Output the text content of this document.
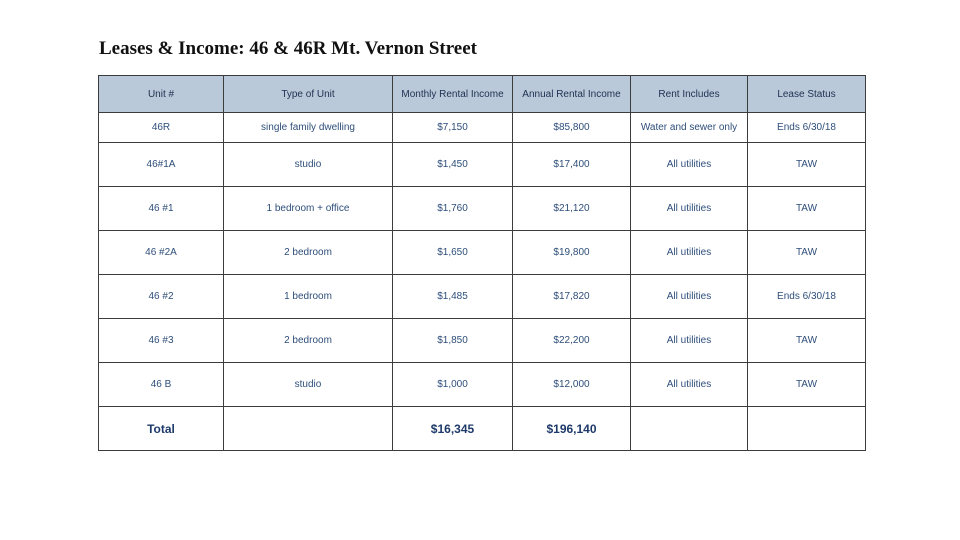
Leases & Income: 46 & 46R Mt. Vernon Street
Unit #	Type of Unit	Monthly Rental Income	Annual Rental Income	Rent Includes	Lease Status
46R	single family dwelling	$7,150	$85,800	Water and sewer only	Ends 6/30/18
46#1A	studio	$1,450	$17,400	All utilities	TAW
46 #1	1 bedroom + office	$1,760	$21,120	All utilities	TAW
46 #2A	2 bedroom	$1,650	$19,800	All utilities	TAW
46 #2	1 bedroom	$1,485	$17,820	All utilities	Ends 6/30/18
46 #3	2 bedroom	$1,850	$22,200	All utilities	TAW
46 B	studio	$1,000	$12,000	All utilities	TAW
Total		$16,345	$196,140		
